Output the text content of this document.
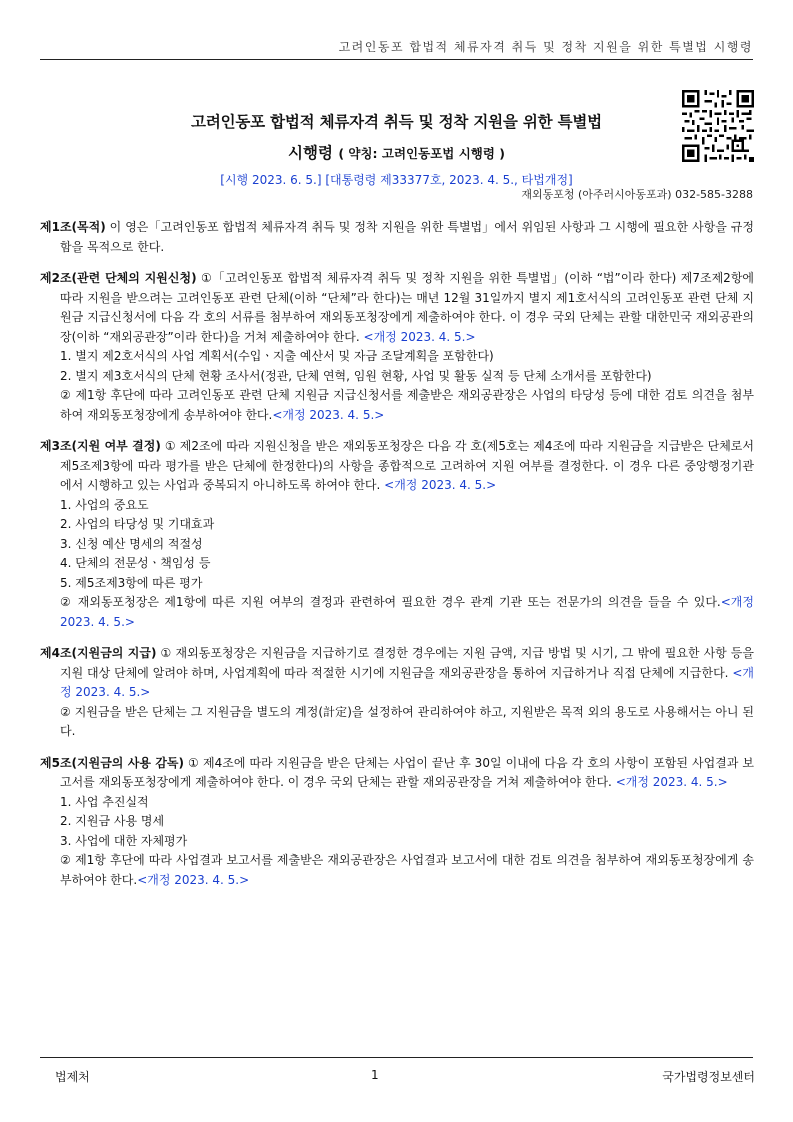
고려인동포 합법적 체류자격 취득 및 정착 지원을 위한 특별법 시행령
고려인동포 합법적 체류자격 취득 및 정착 지원을 위한 특별법
시행령 ( 약칭: 고려인동포법 시행령 )
[시행 2023. 6. 5.] [대통령령 제33377호, 2023. 4. 5., 타법개정]
재외동포청 (아주러시아동포과) 032-585-3288
제1조(목적) 이 영은「고려인동포 합법적 체류자격 취득 및 정착 지원을 위한 특별법」에서 위임된 사항과 그 시행에 필요한 사항을 규정함을 목적으로 한다.
제2조(관련 단체의 지원신청) ①「고려인동포 합법적 체류자격 취득 및 정착 지원을 위한 특별법」(이하 “법”이라 한다) 제7조제2항에 따라 지원을 받으려는 고려인동포 관련 단체(이하 “단체”라 한다)는 매년 12월 31일까지 별지 제1호서식의 고려인동포 관련 단체 지원금 지급신청서에 다음 각 호의 서류를 첨부하여 재외동포청장에게 제출하여야 한다. 이 경우 국외 단체는 관할 대한민국 재외공관의 장(이하 “재외공관장”이라 한다)을 거쳐 제출하여야 한다. <개정 2023. 4. 5.>
1. 별지 제2호서식의 사업 계획서(수입ㆍ지출 예산서 및 자금 조달계획을 포함한다)
2. 별지 제3호서식의 단체 현황 조사서(정관, 단체 연혁, 임원 현황, 사업 및 활동 실적 등 단체 소개서를 포함한다)
② 제1항 후단에 따라 고려인동포 관련 단체 지원금 지급신청서를 제출받은 재외공관장은 사업의 타당성 등에 대한 검토 의견을 첨부하여 재외동포청장에게 송부하여야 한다.<개정 2023. 4. 5.>
제3조(지원 여부 결정) ① 제2조에 따라 지원신청을 받은 재외동포청장은 다음 각 호(제5호는 제4조에 따라 지원금을 지급받은 단체로서 제5조제3항에 따라 평가를 받은 단체에 한정한다)의 사항을 종합적으로 고려하여 지원 여부를 결정한다. 이 경우 다른 중앙행정기관에서 시행하고 있는 사업과 중복되지 아니하도록 하여야 한다. <개정 2023. 4. 5.>
1. 사업의 중요도
2. 사업의 타당성 및 기대효과
3. 신청 예산 명세의 적절성
4. 단체의 전문성ㆍ책임성 등
5. 제5조제3항에 따른 평가
② 재외동포청장은 제1항에 따른 지원 여부의 결정과 관련하여 필요한 경우 관계 기관 또는 전문가의 의견을 들을 수 있다.<개정 2023. 4. 5.>
제4조(지원금의 지급) ① 재외동포청장은 지원금을 지급하기로 결정한 경우에는 지원 금액, 지급 방법 및 시기, 그 밖에 필요한 사항 등을 지원 대상 단체에 알려야 하며, 사업계획에 따라 적절한 시기에 지원금을 재외공관장을 통하여 지급하거나 직접 단체에 지급한다. <개정 2023. 4. 5.>
② 지원금을 받은 단체는 그 지원금을 별도의 계정(計定)을 설정하여 관리하여야 하고, 지원받은 목적 외의 용도로 사용해서는 아니 된다.
제5조(지원금의 사용 감독) ① 제4조에 따라 지원금을 받은 단체는 사업이 끝난 후 30일 이내에 다음 각 호의 사항이 포함된 사업결과 보고서를 재외동포청장에게 제출하여야 한다. 이 경우 국외 단체는 관할 재외공관장을 거쳐 제출하여야 한다. <개정 2023. 4. 5.>
1. 사업 추진실적
2. 지원금 사용 명세
3. 사업에 대한 자체평가
② 제1항 후단에 따라 사업결과 보고서를 제출받은 재외공관장은 사업결과 보고서에 대한 검토 의견을 첨부하여 재외동포청장에게 송부하여야 한다.<개정 2023. 4. 5.>
법제처	1	국가법령정보센터
